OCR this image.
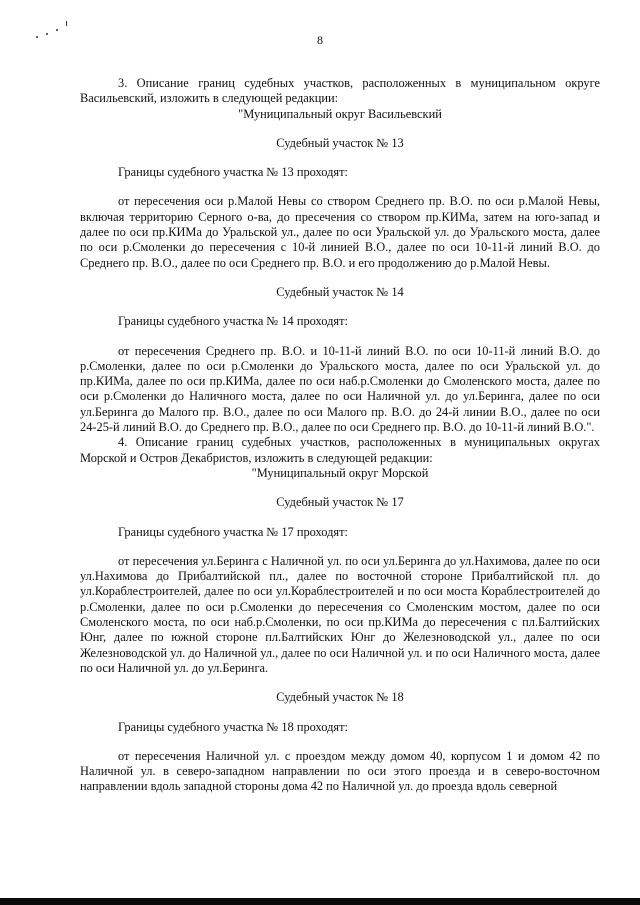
8

3. Описание границ судебных участков, расположенных в муниципальном округе Васильевский, изложить в следующей редакции:

"Муниципальный округ Васильевский

Судебный участок № 13

Границы судебного участка № 13 проходят:

от пересечения оси р.Малой Невы со створом Среднего пр. В.О. по оси р.Малой Невы, включая территорию Серного о-ва, до пресечения со створом пр.КИМа, затем на юго-запад и далее по оси пр.КИМа до Уральской ул., далее по оси Уральской ул. до Уральского моста, далее по оси р.Смоленки до пересечения с 10-й линией В.О., далее по оси 10-11-й линий В.О. до Среднего пр. В.О., далее по оси Среднего пр. В.О. и его продолжению до р.Малой Невы.

Судебный участок № 14

Границы судебного участка № 14 проходят:

от пересечения Среднего пр. В.О. и 10-11-й линий В.О. по оси 10-11-й линий В.О. до р.Смоленки, далее по оси р.Смоленки до Уральского моста, далее по оси Уральской ул. до пр.КИМа, далее по оси пр.КИМа, далее по оси наб.р.Смоленки до Смоленского моста, далее по оси р.Смоленки до Наличного моста, далее по оси Наличной ул. до ул.Беринга, далее по оси ул.Беринга до Малого пр. В.О., далее по оси Малого пр. В.О. до 24-й линии В.О., далее по оси 24-25-й линий В.О. до Среднего пр. В.О., далее по оси Среднего пр. В.О. до 10-11-й линий В.О.".

4. Описание границ судебных участков, расположенных в муниципальных округах Морской и Остров Декабристов, изложить в следующей редакции:

"Муниципальный округ Морской

Судебный участок № 17

Границы судебного участка № 17 проходят:

от пересечения ул.Беринга с Наличной ул. по оси ул.Беринга до ул.Нахимова, далее по оси ул.Нахимова до Прибалтийской пл., далее по восточной стороне Прибалтийской пл. до ул.Кораблестроителей, далее по оси ул.Кораблестроителей и по оси моста Кораблестроителей до р.Смоленки, далее по оси р.Смоленки до пересечения со Смоленским мостом, далее по оси Смоленского моста, по оси наб.р.Смоленки, по оси пр.КИМа до пересечения с пл.Балтийских Юнг, далее по южной стороне пл.Балтийских Юнг до Железноводской ул., далее по оси Железноводской ул. до Наличной ул., далее по оси Наличной ул. и по оси Наличного моста, далее по оси Наличной ул. до ул.Беринга.

Судебный участок № 18

Границы судебного участка № 18 проходят:

от пересечения Наличной ул. с проездом между домом 40, корпусом 1 и домом 42 по Наличной ул. в северо-западном направлении по оси этого проезда и в северо-восточном направлении вдоль западной стороны дома 42 по Наличной ул. до проезда вдоль северной
